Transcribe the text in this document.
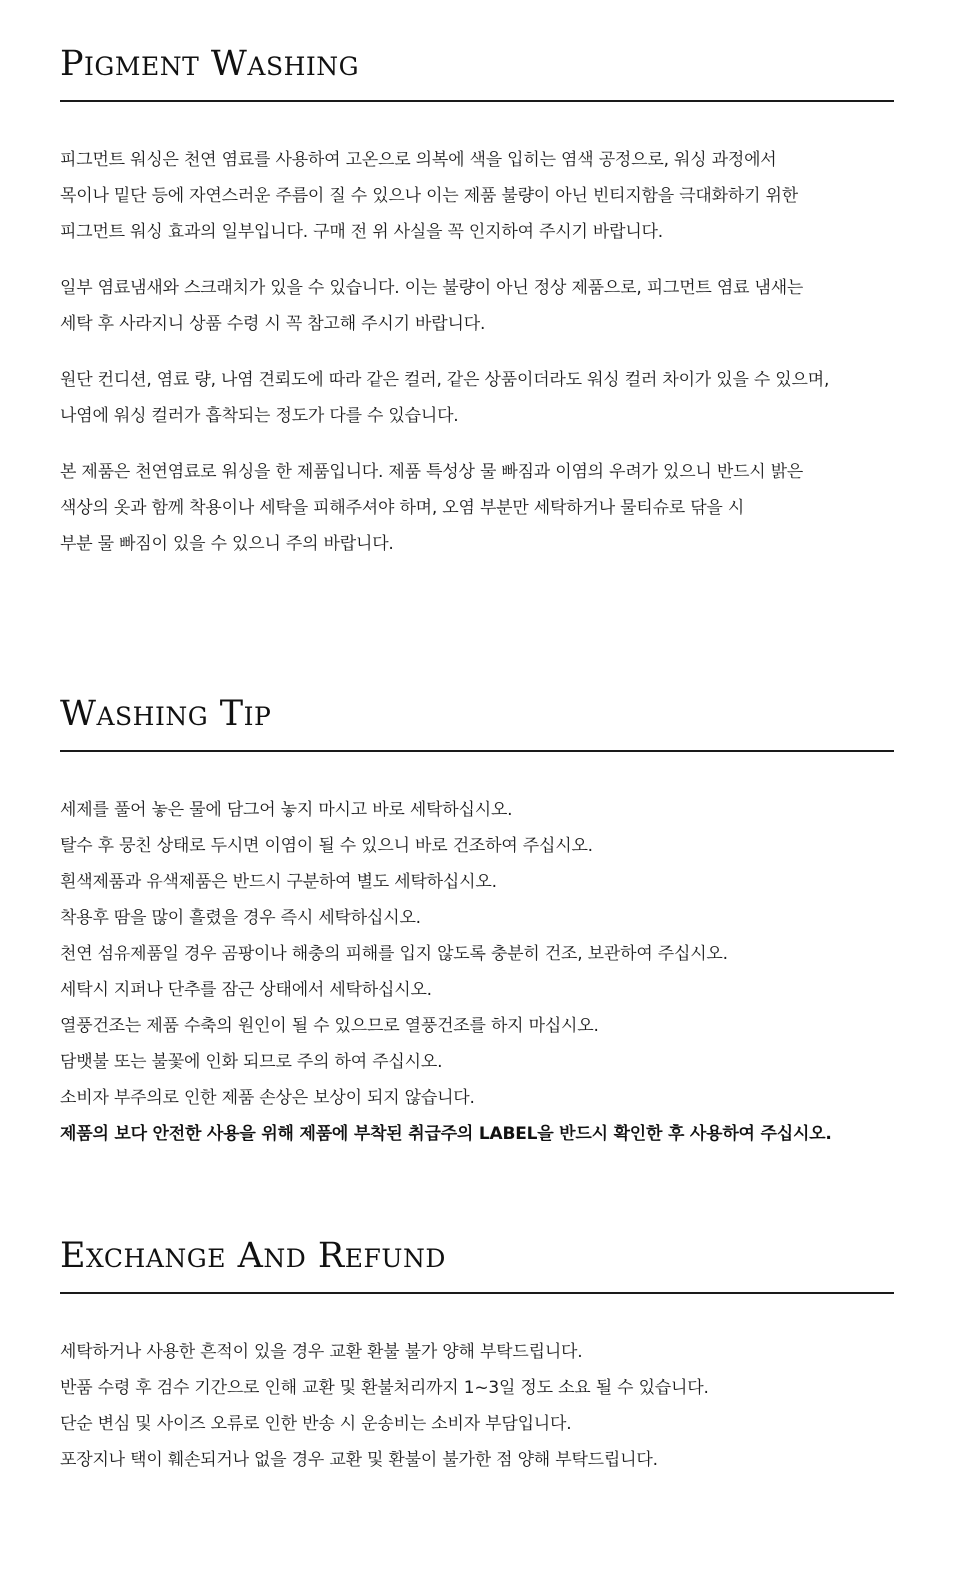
Pigment Washing
피그먼트 워싱은 천연 염료를 사용하여 고온으로 의복에 색을 입히는 염색 공정으로, 워싱 과정에서
목이나 밑단 등에 자연스러운 주름이 질 수 있으나 이는 제품 불량이 아닌 빈티지함을 극대화하기 위한
피그먼트 워싱 효과의 일부입니다. 구매 전 위 사실을 꼭 인지하여 주시기 바랍니다.
일부 염료냄새와 스크래치가 있을 수 있습니다. 이는 불량이 아닌 정상 제품으로, 피그먼트 염료 냄새는
세탁 후 사라지니 상품 수령 시 꼭 참고해 주시기 바랍니다.
원단 컨디션, 염료 량, 나염 견뢰도에 따라 같은 컬러, 같은 상품이더라도 워싱 컬러 차이가 있을 수 있으며,
나염에 워싱 컬러가 흡착되는 정도가 다를 수 있습니다.
본 제품은 천연염료로 워싱을 한 제품입니다. 제품 특성상 물 빠짐과 이염의 우려가 있으니 반드시 밝은
색상의 옷과 함께 착용이나 세탁을 피해주셔야 하며, 오염 부분만 세탁하거나 물티슈로 닦을 시
부분 물 빠짐이 있을 수 있으니 주의 바랍니다.
Washing Tip
세제를 풀어 놓은 물에 담그어 놓지 마시고 바로 세탁하십시오.
탈수 후 뭉친 상태로 두시면 이염이 될 수 있으니 바로 건조하여 주십시오.
흰색제품과 유색제품은 반드시 구분하여 별도 세탁하십시오.
착용후 땀을 많이 흘렸을 경우 즉시 세탁하십시오.
천연 섬유제품일 경우 곰팡이나 해충의 피해를 입지 않도록 충분히 건조, 보관하여 주십시오.
세탁시 지퍼나 단추를 잠근 상태에서 세탁하십시오.
열풍건조는 제품 수축의 원인이 될 수 있으므로 열풍건조를 하지 마십시오.
담뱃불 또는 불꽃에 인화 되므로 주의 하여 주십시오.
소비자 부주의로 인한 제품 손상은 보상이 되지 않습니다.
제품의 보다 안전한 사용을 위해 제품에 부착된 취급주의 LABEL을 반드시 확인한 후 사용하여 주십시오.
Exchange And Refund
세탁하거나 사용한 흔적이 있을 경우 교환 환불 불가 양해 부탁드립니다.
반품 수령 후 검수 기간으로 인해 교환 및 환불처리까지 1~3일 정도 소요 될 수 있습니다.
단순 변심 및 사이즈 오류로 인한 반송 시 운송비는 소비자 부담입니다.
포장지나 택이 훼손되거나 없을 경우 교환 및 환불이 불가한 점 양해 부탁드립니다.
